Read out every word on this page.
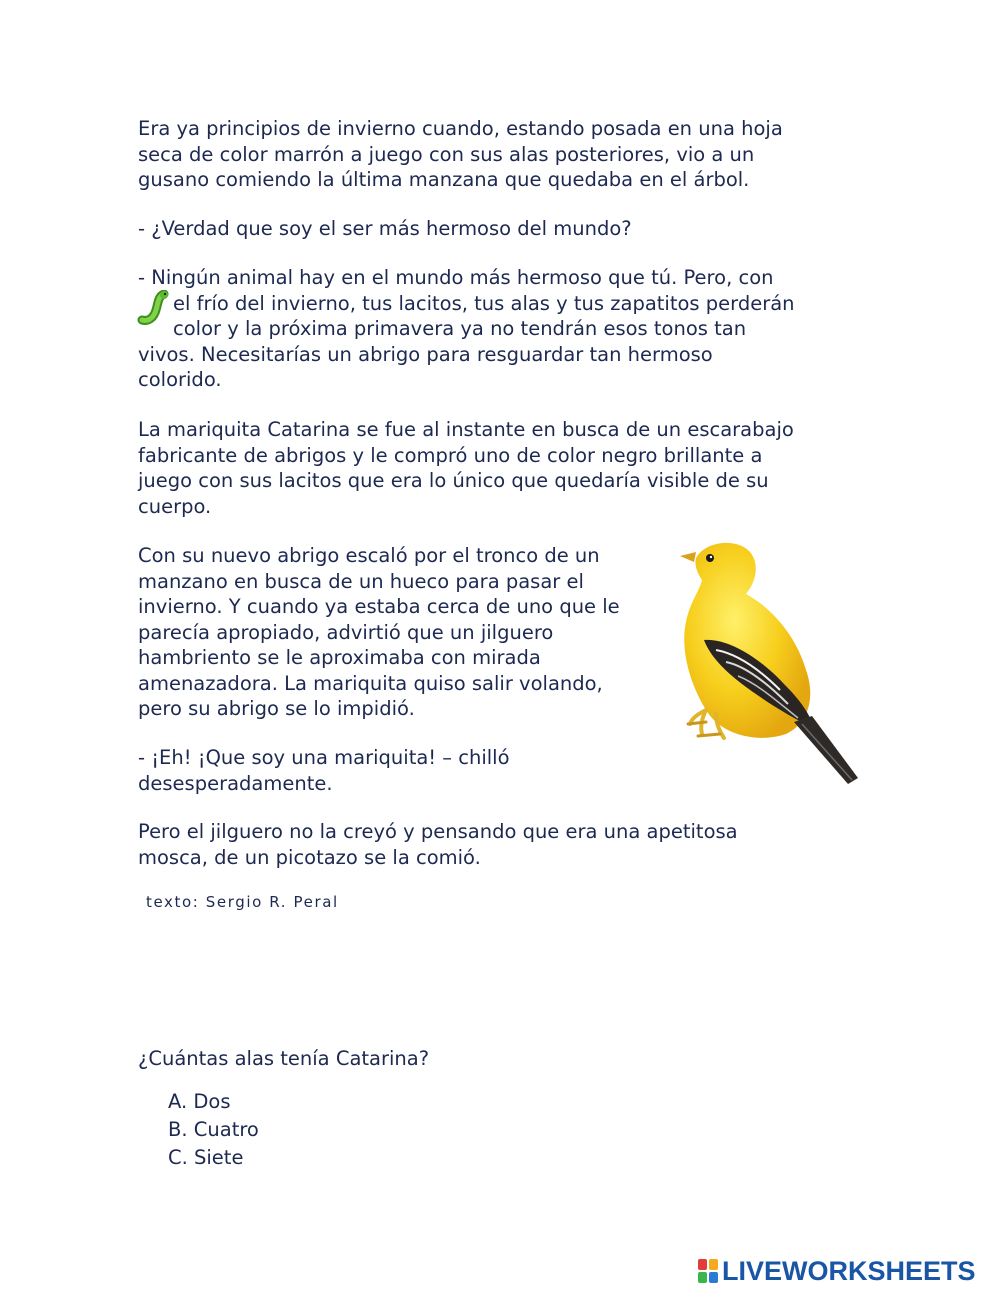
Era ya principios de invierno cuando, estando posada en una hoja
seca de color marrón a juego con sus alas posteriores, vio a un
gusano comiendo la última manzana que quedaba en el árbol.
- ¿Verdad que soy el ser más hermoso del mundo?
- Ningún animal hay en el mundo más hermoso que tú. Pero, con
el frío del invierno, tus lacitos, tus alas y tus zapatitos perderán
color y la próxima primavera ya no tendrán esos tonos tan
vivos. Necesitarías un abrigo para resguardar tan hermoso
colorido.
La mariquita Catarina se fue al instante en busca de un escarabajo
fabricante de abrigos y le compró uno de color negro brillante a
juego con sus lacitos que era lo único que quedaría visible de su
cuerpo.
Con su nuevo abrigo escaló por el tronco de un
manzano en busca de un hueco para pasar el
invierno. Y cuando ya estaba cerca de uno que le
parecía apropiado, advirtió que un jilguero
hambriento se le aproximaba con mirada
amenazadora. La mariquita quiso salir volando,
pero su abrigo se lo impidió.
- ¡Eh! ¡Que soy una mariquita! – chilló
desesperadamente.
Pero el jilguero no la creyó y pensando que era una apetitosa
mosca, de un picotazo se la comió.
texto: Sergio R. Peral
¿Cuántas alas tenía Catarina?
A. Dos
B. Cuatro
C. Siete
LIVEWORKSHEETS
